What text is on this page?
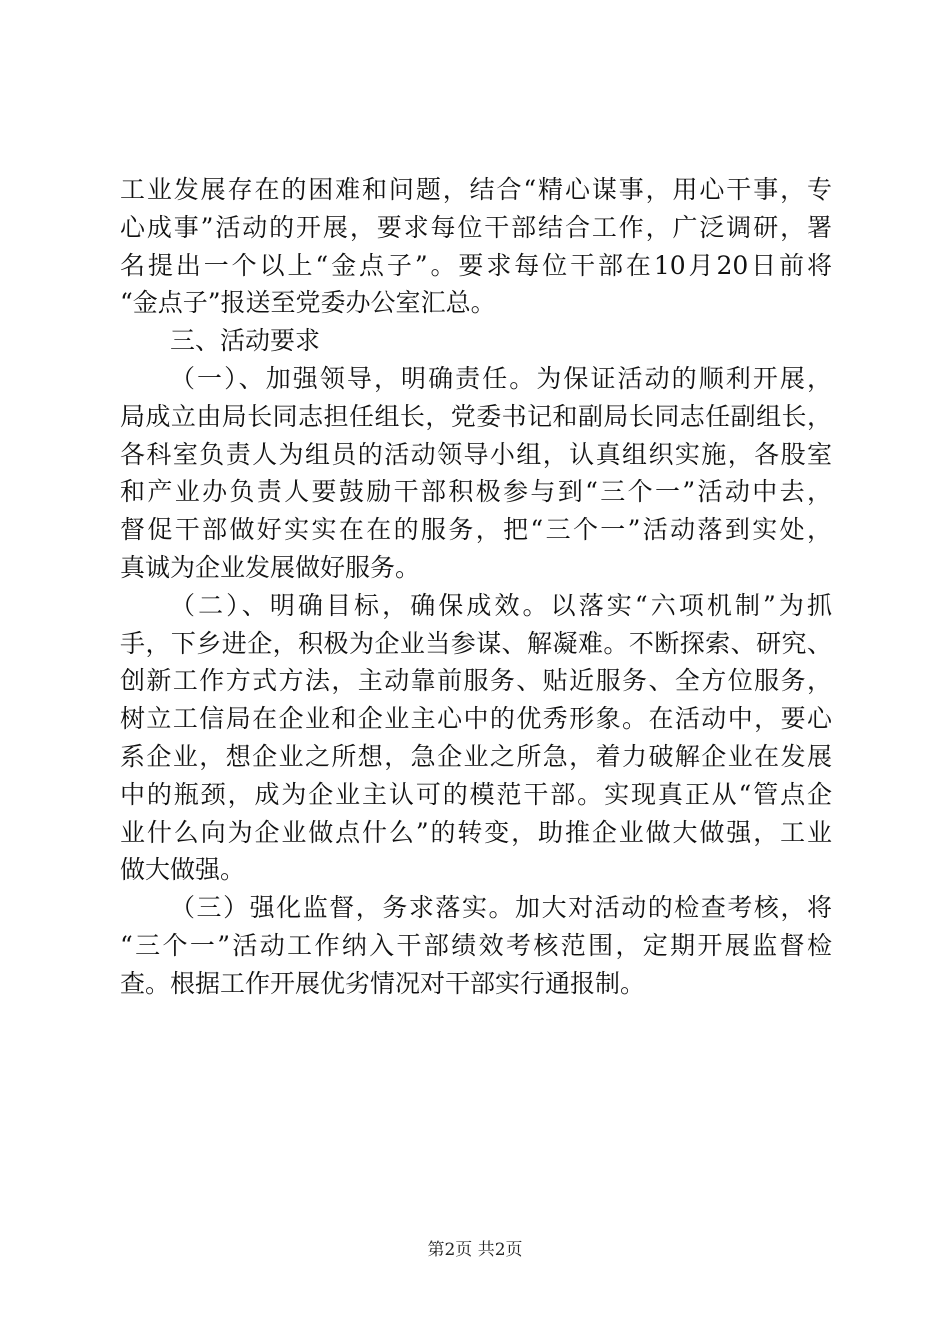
工业发展存在的困难和问题，结合“精心谋事，用心干事，专
心成事”活动的开展，要求每位干部结合工作，广泛调研，署
名提出一个以上“金点子”。要求每位干部在10月20日前将
“金点子”报送至党委办公室汇总。
三、活动要求
（一）、加强领导，明确责任。为保证活动的顺利开展，
局成立由局长同志担任组长，党委书记和副局长同志任副组长，
各科室负责人为组员的活动领导小组，认真组织实施，各股室
和产业办负责人要鼓励干部积极参与到“三个一”活动中去，
督促干部做好实实在在的服务，把“三个一”活动落到实处，
真诚为企业发展做好服务。
（二）、明确目标，确保成效。以落实“六项机制”为抓
手，下乡进企，积极为企业当参谋、解凝难。不断探索、研究、
创新工作方式方法，主动靠前服务、贴近服务、全方位服务，
树立工信局在企业和企业主心中的优秀形象。在活动中，要心
系企业，想企业之所想，急企业之所急，着力破解企业在发展
中的瓶颈，成为企业主认可的模范干部。实现真正从“管点企
业什么向为企业做点什么”的转变，助推企业做大做强，工业
做大做强。
（三）强化监督，务求落实。加大对活动的检查考核，将
“三个一”活动工作纳入干部绩效考核范围，定期开展监督检
查。根据工作开展优劣情况对干部实行通报制。
第2页 共2页
